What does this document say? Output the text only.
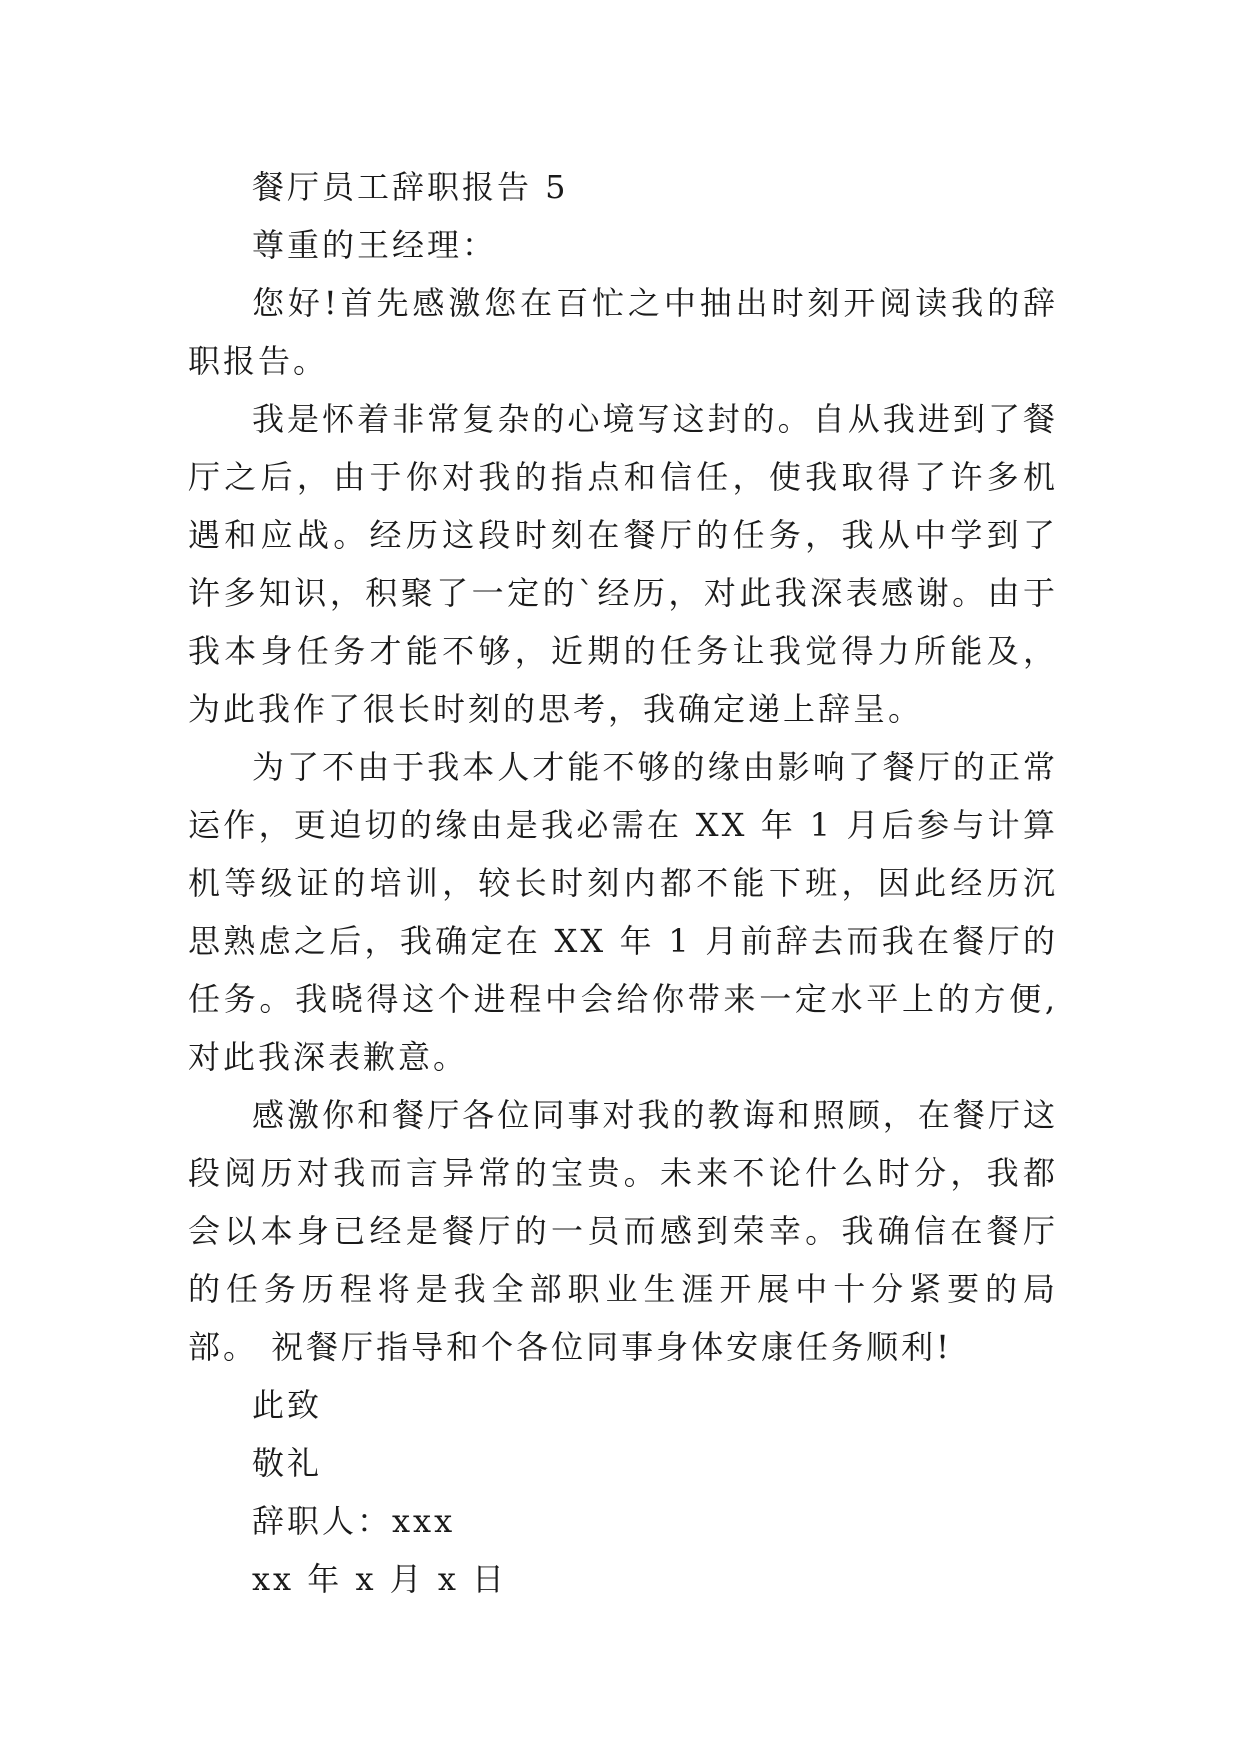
餐厅员工辞职报告 5

尊重的王经理：

您好!首先感激您在百忙之中抽出时刻开阅读我的辞职报告。

我是怀着非常复杂的心境写这封的。自从我进到了餐厅之后，由于你对我的指点和信任，使我取得了许多机遇和应战。经历这段时刻在餐厅的任务，我从中学到了许多知识，积聚了一定的`经历，对此我深表感谢。由于我本身任务才能不够，近期的任务让我觉得力所能及，为此我作了很长时刻的思考，我确定递上辞呈。

为了不由于我本人才能不够的缘由影响了餐厅的正常运作，更迫切的缘由是我必需在 XX 年 1 月后参与计算机等级证的培训，较长时刻内都不能下班，因此经历沉思熟虑之后，我确定在 XX 年 1 月前辞去而我在餐厅的任务。我晓得这个进程中会给你带来一定水平上的方便,对此我深表歉意。

感激你和餐厅各位同事对我的教诲和照顾，在餐厅这段阅历对我而言异常的宝贵。未来不论什么时分，我都会以本身已经是餐厅的一员而感到荣幸。我确信在餐厅的任务历程将是我全部职业生涯开展中十分紧要的局部。 祝餐厅指导和个各位同事身体安康任务顺利!

此致

敬礼

辞职人：xxx

xx 年 x 月 x 日
